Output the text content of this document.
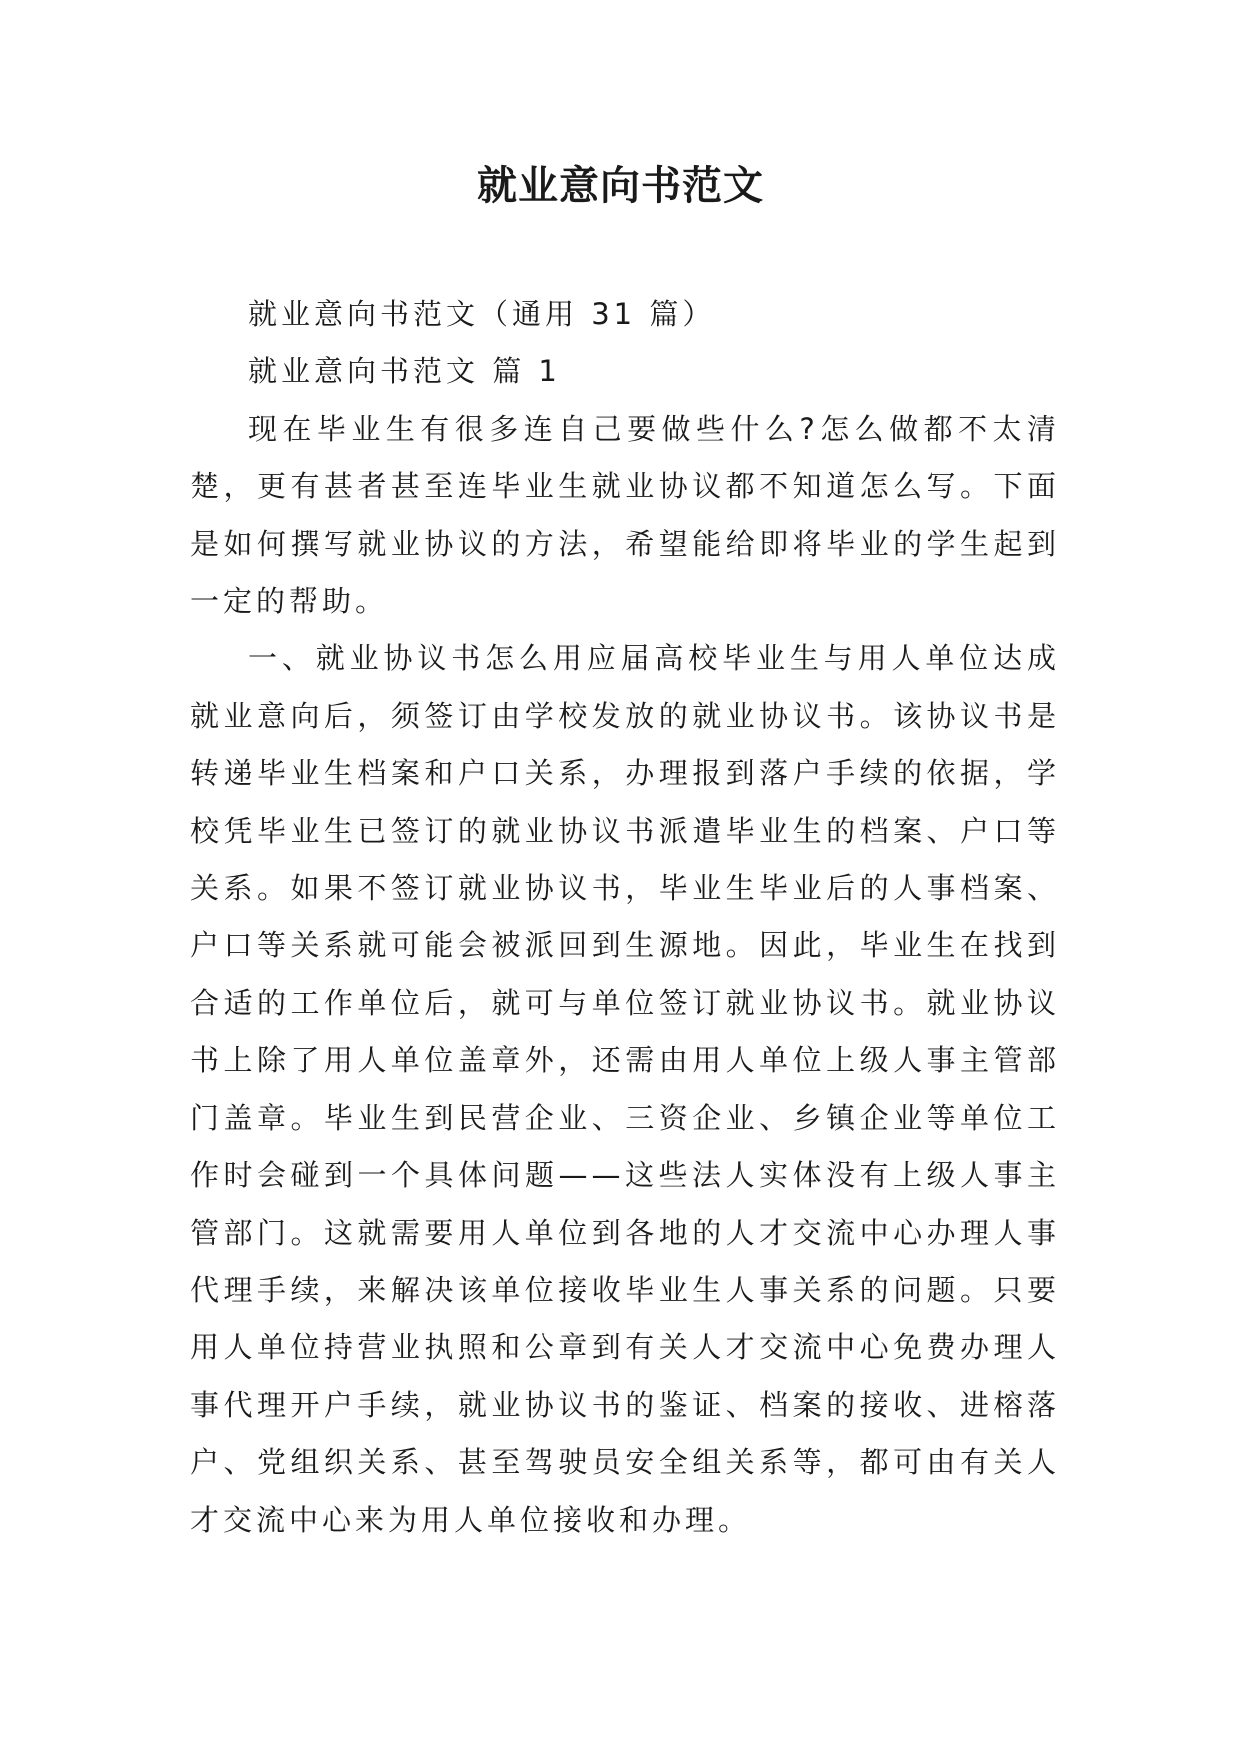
就业意向书范文

就业意向书范文（通用 31 篇）

就业意向书范文 篇 1

现在毕业生有很多连自己要做些什么?怎么做都不太清楚，更有甚者甚至连毕业生就业协议都不知道怎么写。下面是如何撰写就业协议的方法，希望能给即将毕业的学生起到一定的帮助。

一、就业协议书怎么用应届高校毕业生与用人单位达成就业意向后，须签订由学校发放的就业协议书。该协议书是转递毕业生档案和户口关系，办理报到落户手续的依据，学校凭毕业生已签订的就业协议书派遣毕业生的档案、户口等关系。如果不签订就业协议书，毕业生毕业后的人事档案、户口等关系就可能会被派回到生源地。因此，毕业生在找到合适的工作单位后，就可与单位签订就业协议书。就业协议书上除了用人单位盖章外，还需由用人单位上级人事主管部门盖章。毕业生到民营企业、三资企业、乡镇企业等单位工作时会碰到一个具体问题——这些法人实体没有上级人事主管部门。这就需要用人单位到各地的人才交流中心办理人事代理手续，来解决该单位接收毕业生人事关系的问题。只要用人单位持营业执照和公章到有关人才交流中心免费办理人事代理开户手续，就业协议书的鉴证、档案的接收、进榕落户、党组织关系、甚至驾驶员安全组关系等，都可由有关人才交流中心来为用人单位接收和办理。
